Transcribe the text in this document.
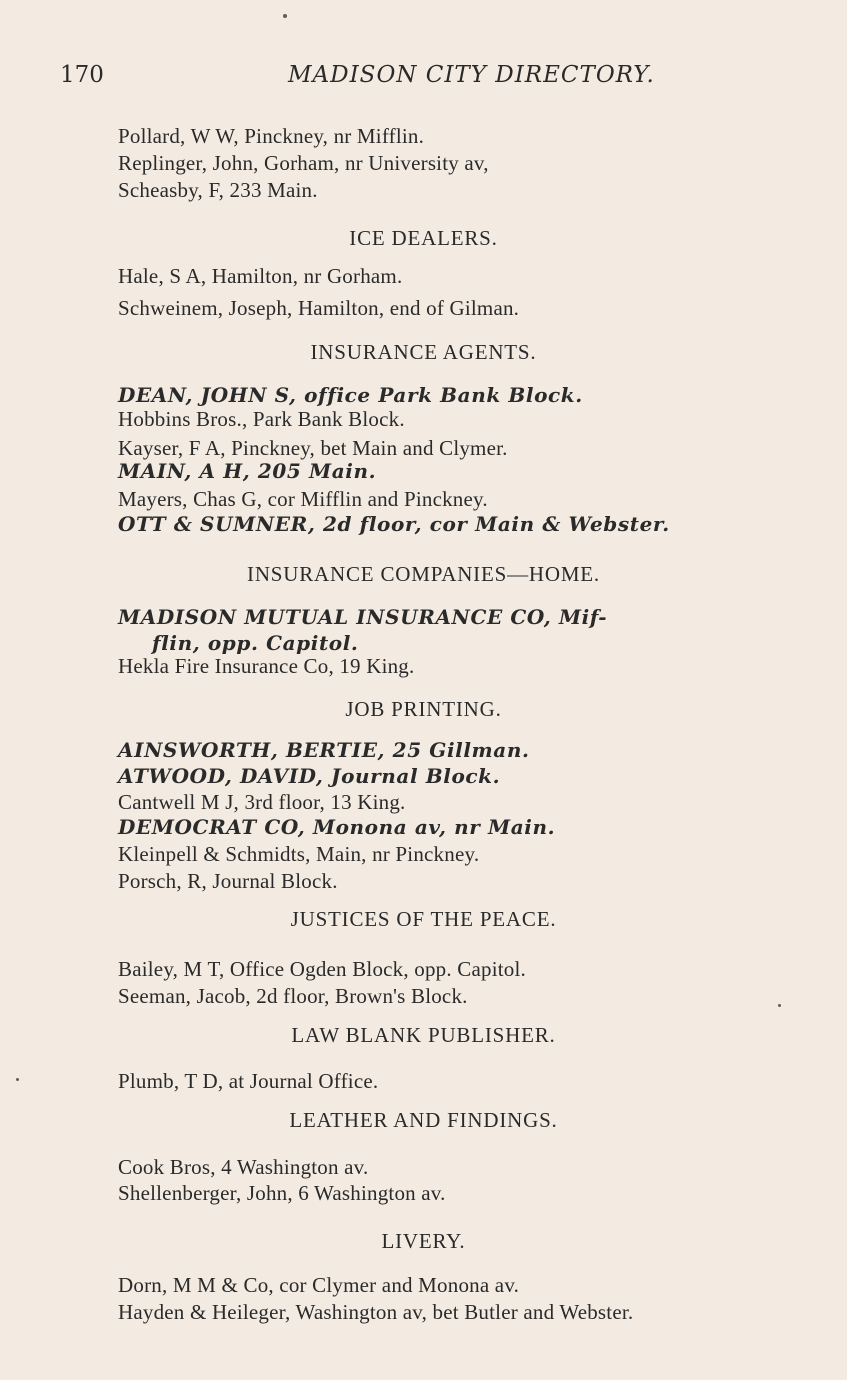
170	MADISON CITY DIRECTORY.
Pollard, W W, Pinckney, nr Mifflin.
Replinger, John, Gorham, nr University av,
Scheasby, F, 233 Main.
ICE DEALERS.
Hale, S A, Hamilton, nr Gorham.
Schweinem, Joseph, Hamilton, end of Gilman.
INSURANCE AGENTS.
DEAN, JOHN S, office Park Bank Block.
Hobbins Bros., Park Bank Block.
Kayser, F A, Pinckney, bet Main and Clymer.
MAIN, A H, 205 Main.
Mayers, Chas G, cor Mifflin and Pinckney.
OTT & SUMNER, 2d floor, cor Main & Webster.
INSURANCE COMPANIES—HOME.
MADISON MUTUAL INSURANCE CO, Mif-
flin, opp. Capitol.
Hekla Fire Insurance Co, 19 King.
JOB PRINTING.
AINSWORTH, BERTIE, 25 Gillman.
ATWOOD, DAVID, Journal Block.
Cantwell M J, 3rd floor, 13 King.
DEMOCRAT CO, Monona av, nr Main.
Kleinpell & Schmidts, Main, nr Pinckney.
Porsch, R, Journal Block.
JUSTICES OF THE PEACE.
Bailey, M T, Office Ogden Block, opp. Capitol.
Seeman, Jacob, 2d floor, Brown's Block.
LAW BLANK PUBLISHER.
Plumb, T D, at Journal Office.
LEATHER AND FINDINGS.
Cook Bros, 4 Washington av.
Shellenberger, John, 6 Washington av.
LIVERY.
Dorn, M M & Co, cor Clymer and Monona av.
Hayden & Heileger, Washington av, bet Butler and Webster.
